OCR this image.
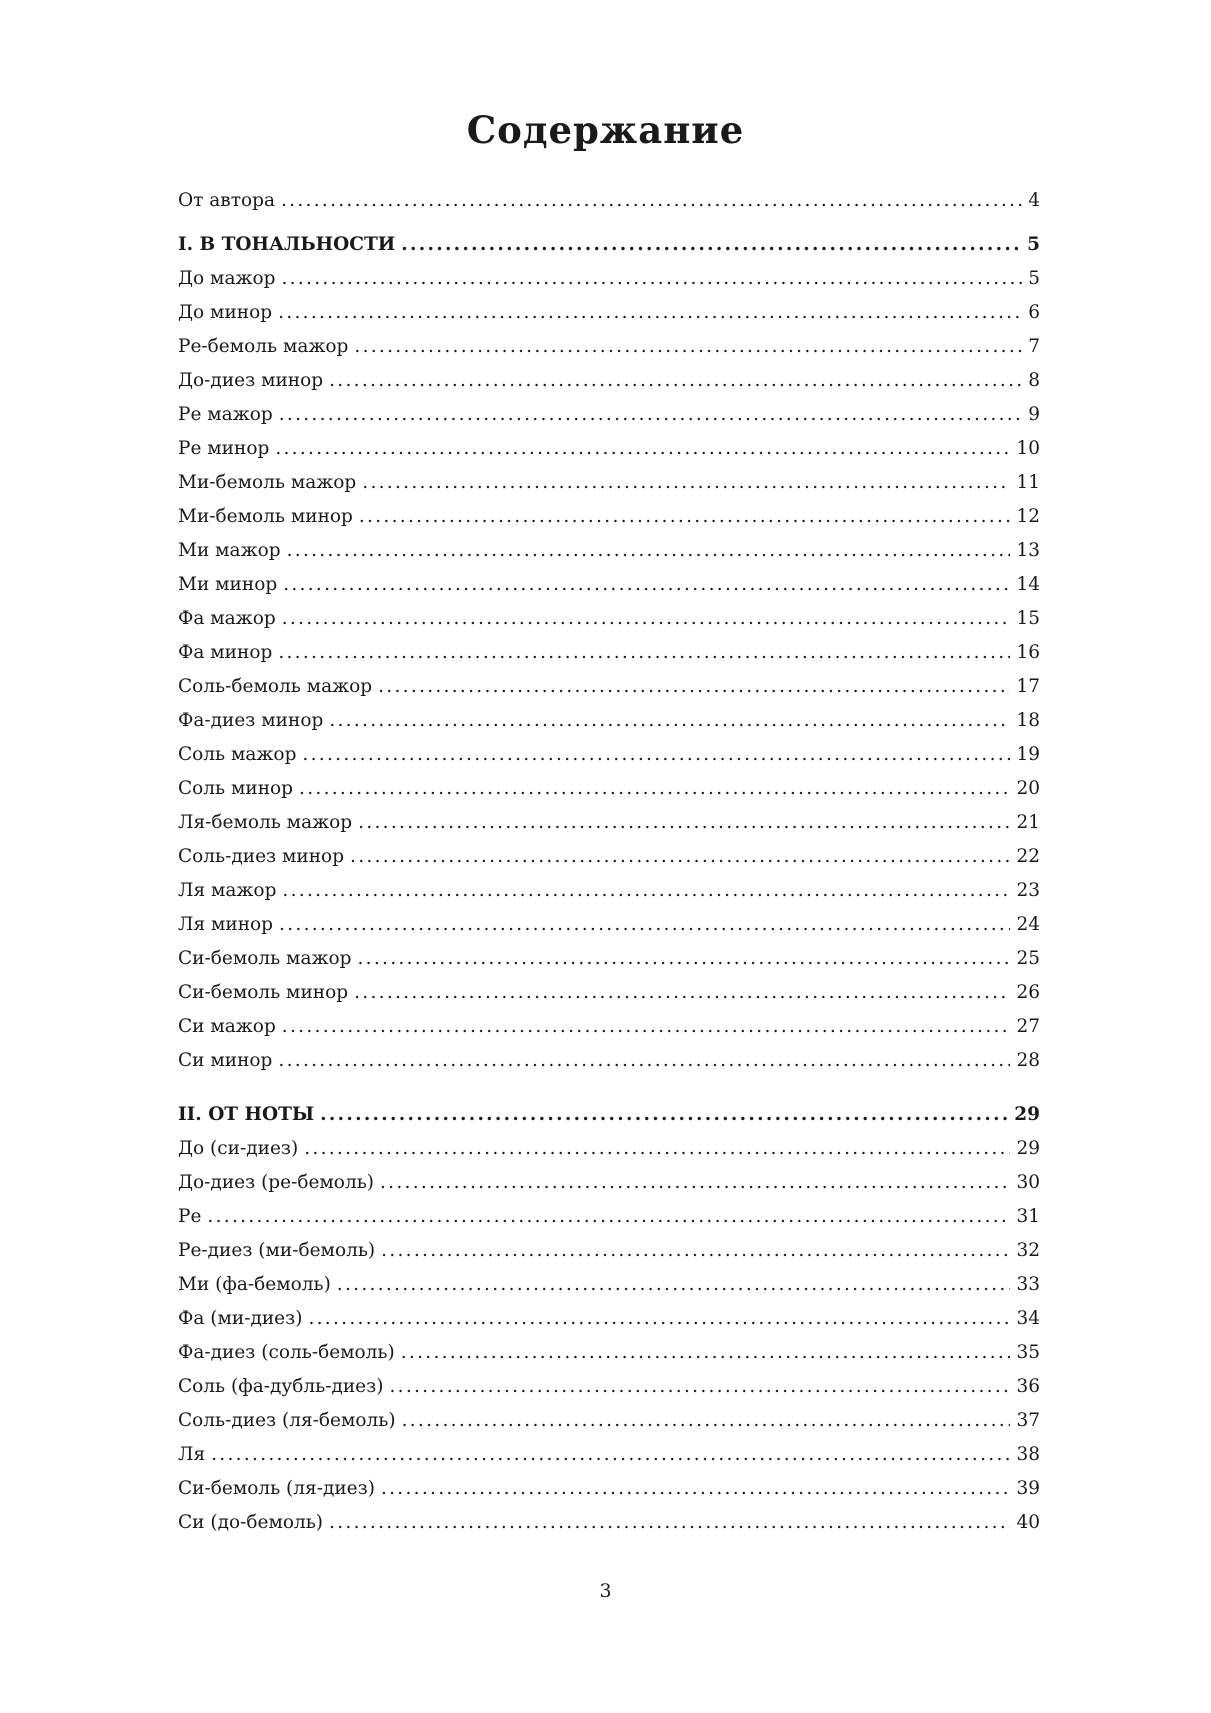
Содержание
От автора .....	4
I. В ТОНАЛЬНОСТИ .....	5
До мажор .....	5
До минор .....	6
Ре-бемоль мажор .....	7
До-диез минор .....	8
Ре мажор .....	9
Ре минор .....	10
Ми-бемоль мажор .....	11
Ми-бемоль минор .....	12
Ми мажор .....	13
Ми минор .....	14
Фа мажор .....	15
Фа минор .....	16
Соль-бемоль мажор .....	17
Фа-диез минор .....	18
Соль мажор .....	19
Соль минор .....	20
Ля-бемоль мажор .....	21
Соль-диез минор .....	22
Ля мажор .....	23
Ля минор .....	24
Си-бемоль мажор .....	25
Си-бемоль минор .....	26
Си мажор .....	27
Си минор .....	28
II. ОТ НОТЫ .....	29
До (си-диез) .....	29
До-диез (ре-бемоль) .....	30
Ре .....	31
Ре-диез (ми-бемоль) .....	32
Ми (фа-бемоль) .....	33
Фа (ми-диез) .....	34
Фа-диез (соль-бемоль) .....	35
Соль (фа-дубль-диез) .....	36
Соль-диез (ля-бемоль) .....	37
Ля .....	38
Си-бемоль (ля-диез) .....	39
Си (до-бемоль) .....	40
3
